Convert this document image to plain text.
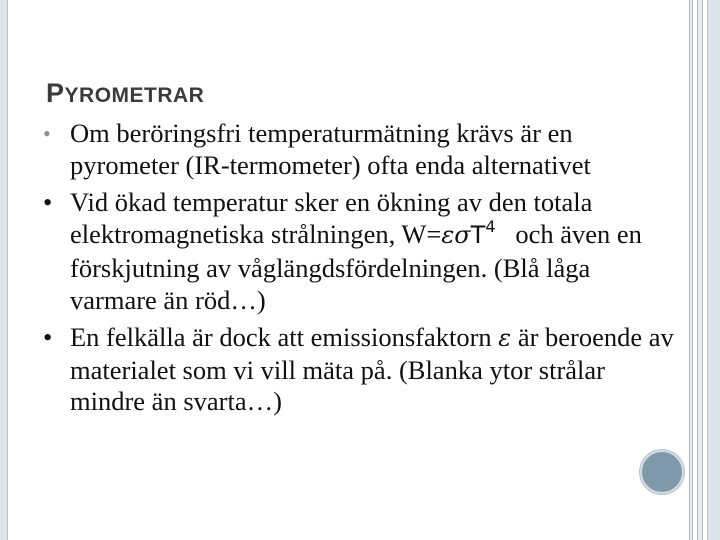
PYROMETRAR
• Om beröringsfri temperaturmätning krävs är en pyrometer (IR-termometer) ofta enda alternativet
• Vid ökad temperatur sker en ökning av den totala elektromagnetiska strålningen, W=εσT$^4$ och även en förskjutning av våglängdsfördelningen. (Blå låga varmare än röd…)
• En felkälla är dock att emissionsfaktorn ε är beroende av materialet som vi vill mäta på. (Blanka ytor strålar mindre än svarta…)
